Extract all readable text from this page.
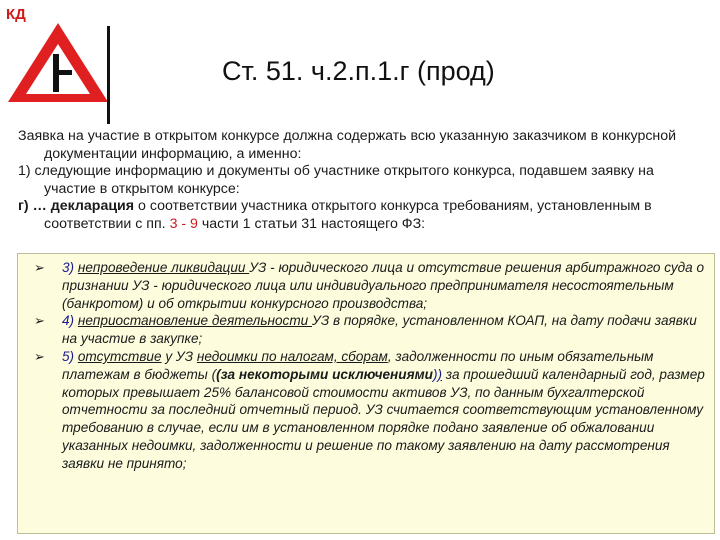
КД
Ст. 51. ч.2.п.1.г (прод)

Заявка на участие в открытом конкурсе должна содержать всю указанную заказчиком в конкурсной документации информацию, а именно:

1) следующие информацию и документы об участнике открытого конкурса, подавшем заявку на участие в открытом конкурсе:

г) … декларация о соответствии участника открытого конкурса требованиям, установленным в соответствии с пп. 3 - 9 части 1 статьи 31 настоящего ФЗ:

➢ 3) непроведение ликвидации УЗ - юридического лица и отсутствие решения арбитражного суда о признании УЗ - юридического лица или индивидуального предпринимателя несостоятельным (банкротом) и об открытии конкурсного производства;
➢ 4) неприостановление деятельности УЗ в порядке, установленном КОАП, на дату подачи заявки на участие в закупке;
➢ 5) отсутствие у УЗ недоимки по налогам, сборам, задолженности по иным обязательным платежам в бюджеты ((за некоторыми исключениями)) за прошедший календарный год, размер которых превышает 25% балансовой стоимости активов УЗ, по данным бухгалтерской отчетности за последний отчетный период. УЗ считается соответствующим установленному требованию в случае, если им в установленном порядке подано заявление об обжаловании указанных недоимки, задолженности и решение по такому заявлению на дату рассмотрения заявки не принято;
